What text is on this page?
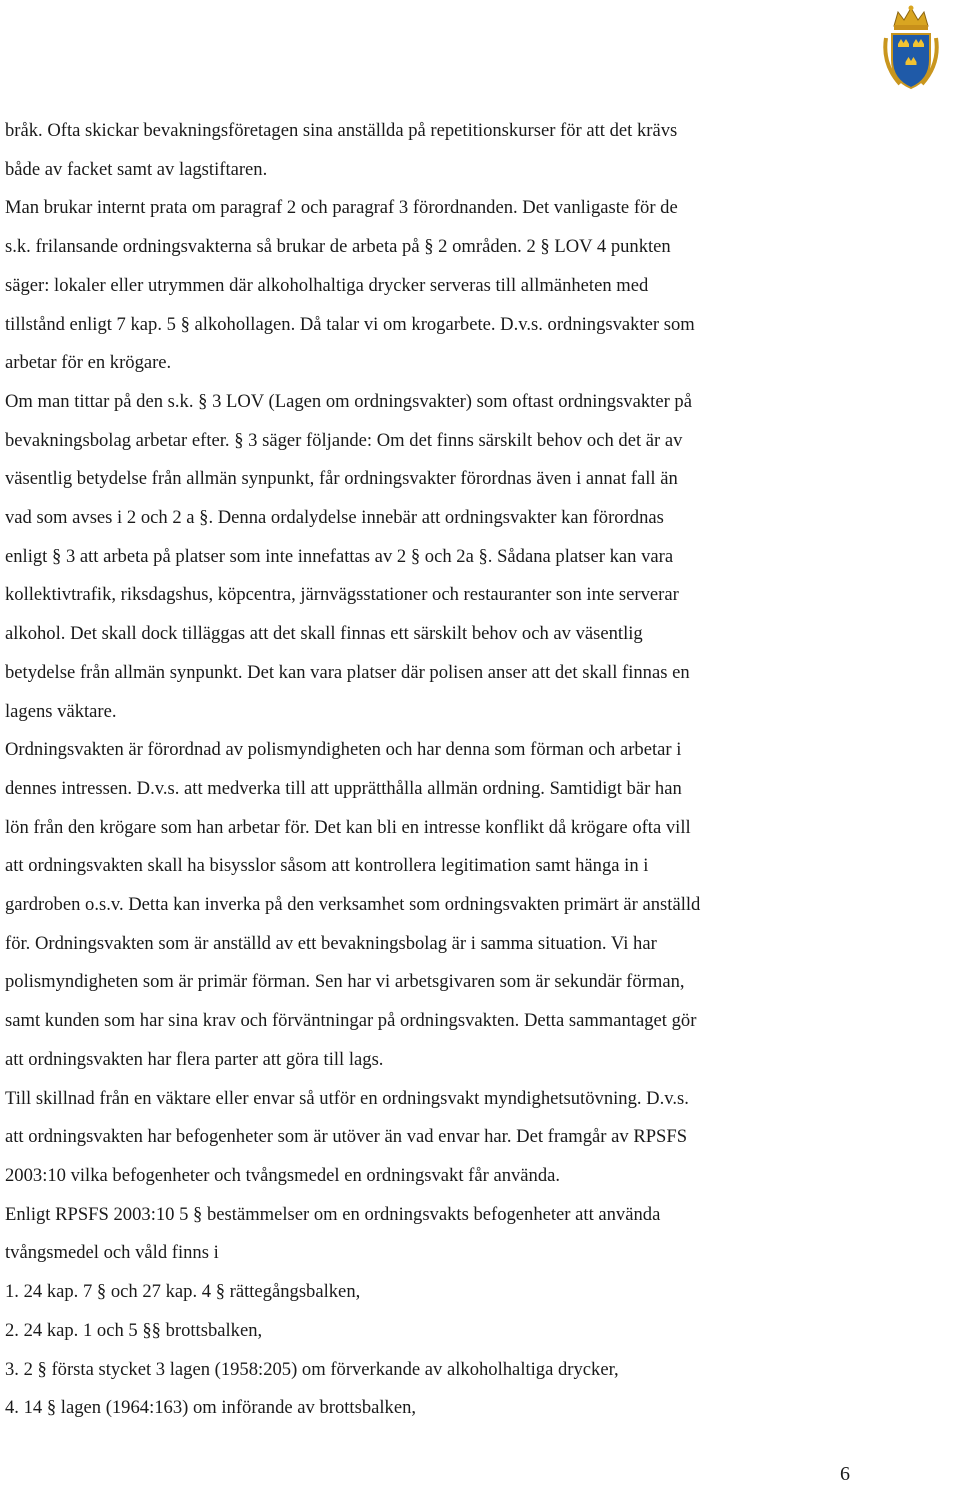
bråk. Ofta skickar bevakningsföretagen sina anställda på repetitionskurser för att det krävs

både av facket samt av lagstiftaren.

Man brukar internt prata om paragraf 2 och paragraf 3 förordnanden. Det vanligaste för de

s.k. frilansande ordningsvakterna så brukar de arbeta på § 2 områden. 2 § LOV 4 punkten

säger: lokaler eller utrymmen där alkoholhaltiga drycker serveras till allmänheten med

tillstånd enligt 7 kap. 5 § alkohollagen. Då talar vi om krogarbete. D.v.s. ordningsvakter som

arbetar för en krögare.

Om man tittar på den s.k. § 3 LOV (Lagen om ordningsvakter) som oftast ordningsvakter på

bevakningsbolag arbetar efter. § 3 säger följande: Om det finns särskilt behov och det är av

väsentlig betydelse från allmän synpunkt, får ordningsvakter förordnas även i annat fall än

vad som avses i 2 och 2 a §. Denna ordalydelse innebär att ordningsvakter kan förordnas

enligt § 3 att arbeta på platser som inte innefattas av 2 § och 2a §. Sådana platser kan vara

kollektivtrafik, riksdagshus, köpcentra, järnvägsstationer och restauranter son inte serverar

alkohol. Det skall dock tilläggas att det skall finnas ett särskilt behov och av väsentlig

betydelse från allmän synpunkt. Det kan vara platser där polisen anser att det skall finnas en

lagens väktare.

Ordningsvakten är förordnad av polismyndigheten och har denna som förman och arbetar i

dennes intressen. D.v.s. att medverka till att upprätthålla allmän ordning. Samtidigt bär han

lön från den krögare som han arbetar för. Det kan bli en intresse konflikt då krögare ofta vill

att ordningsvakten skall ha bisysslor såsom att kontrollera legitimation samt hänga in i

gardroben o.s.v. Detta kan inverka på den verksamhet som ordningsvakten primärt är anställd

för. Ordningsvakten som är anställd av ett bevakningsbolag är i samma situation. Vi har

polismyndigheten som är primär förman. Sen har vi arbetsgivaren som är sekundär förman,

samt kunden som har sina krav och förväntningar på ordningsvakten. Detta sammantaget gör

att ordningsvakten har flera parter att göra till lags.

Till skillnad från en väktare eller envar så utför en ordningsvakt myndighetsutövning. D.v.s.

att ordningsvakten har befogenheter som är utöver än vad envar har. Det framgår av RPSFS

2003:10 vilka befogenheter och tvångsmedel en ordningsvakt får använda.

Enligt RPSFS 2003:10 5 § bestämmelser om en ordningsvakts befogenheter att använda

tvångsmedel och våld finns i

1. 24 kap. 7 § och 27 kap. 4 § rättegångsbalken,

2. 24 kap. 1 och 5 §§ brottsbalken,

3. 2 § första stycket 3 lagen (1958:205) om förverkande av alkoholhaltiga drycker,

4. 14 § lagen (1964:163) om införande av brottsbalken,

6
